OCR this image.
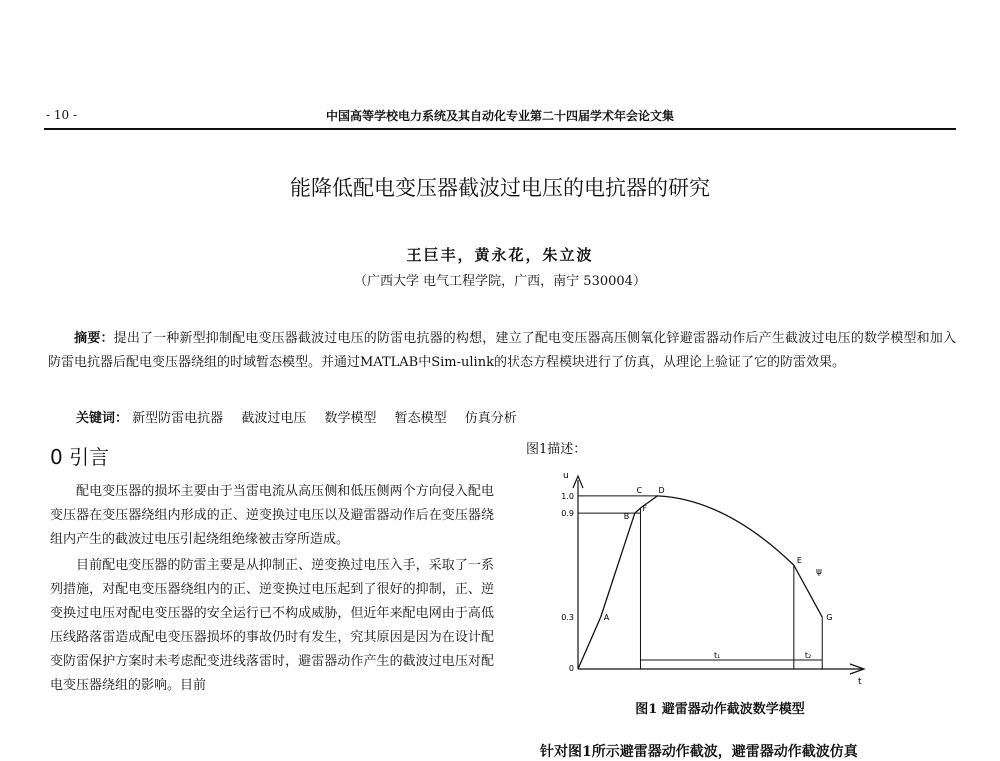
- 10 -	中国高等学校电力系统及其自动化专业第二十四届学术年会论文集
能降低配电变压器截波过电压的电抗器的研究
王巨丰，黄永花，朱立波
（广西大学 电气工程学院，广西，南宁 530004）
摘要：提出了一种新型抑制配电变压器截波过电压的防雷电抗器的构想，建立了配电变压器高压侧氧化锌避雷器动作后产生截波过电压的数学模型和加入防雷电抗器后配电变压器绕组的时域暂态模型。并通过MATLAB中Sim-ulink的状态方程模块进行了仿真，从理论上验证了它的防雷效果。
关键词： 新型防雷电抗器 截波过电压 数学模型 暂态模型 仿真分析
0 引言

配电变压器的损坏主要由于当雷电流从高压侧和低压侧两个方向侵入配电变压器在变压器绕组内形成的正、逆变换过电压以及避雷器动作后在变压器绕组内产生的截波过电压引起绕组绝缘被击穿所造成。

目前配电变压器的防雷主要是从抑制正、逆变换过电压入手，采取了一系列措施，对配电变压器绕组内的正、逆变换过电压起到了很好的抑制，正、逆变换过电压对配电变压器的安全运行已不构成威胁，但近年来配电网由于高低压线路落雷造成配电变压器损坏的事故仍时有发生，究其原因是因为在设计配变防雷保护方案时未考虑配变进线落雷时，避雷器动作产生的截波过电压对配电变压器绕组的影响。目前

图1描述：
u
t
1.0
0.9
0.3
0
A
B
C D
E
F
G
t₁	t₂
ψ
图1 避雷器动作截波数学模型
针对图1所示避雷器动作截波，避雷器动作截波仿真
